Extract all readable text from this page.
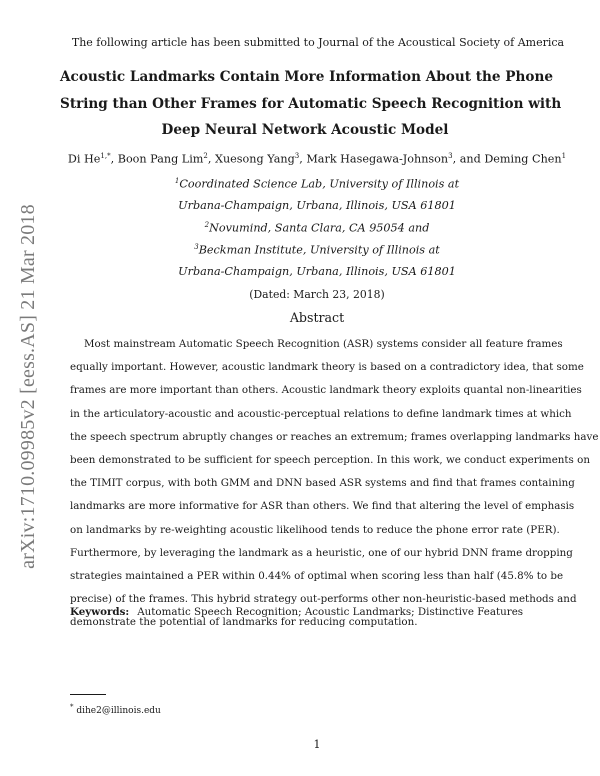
arXiv:1710.09985v2 [eess.AS] 21 Mar 2018
The following article has been submitted to Journal of the Acoustical Society of America
Acoustic Landmarks Contain More Information About the Phone
String than Other Frames for Automatic Speech Recognition with
Deep Neural Network Acoustic Model
Di $He^{1,*}$, Boon Pang Lim$^2$, Xuesong Yang$^3$, Mark Hasegawa-Johnson$^3$, and Deming Chen$^1$
$^1$Coordinated Science Lab, University of Illinois at
Urbana-Champaign, Urbana, Illinois, USA 61801
$^2$Novumind, Santa Clara, CA 95054 and
$^3$Beckman Institute, University of Illinois at
Urbana-Champaign, Urbana, Illinois, USA 61801
(Dated: March 23, 2018)
Abstract
Most mainstream Automatic Speech Recognition (ASR) systems consider all feature frames
equally important. However, acoustic landmark theory is based on a contradictory idea, that some
frames are more important than others. Acoustic landmark theory exploits quantal non-linearities
in the articulatory-acoustic and acoustic-perceptual relations to define landmark times at which
the speech spectrum abruptly changes or reaches an extremum; frames overlapping landmarks have
been demonstrated to be sufficient for speech perception. In this work, we conduct experiments on
the TIMIT corpus, with both GMM and DNN based ASR systems and find that frames containing
landmarks are more informative for ASR than others. We find that altering the level of emphasis
on landmarks by re-weighting acoustic likelihood tends to reduce the phone error rate (PER).
Furthermore, by leveraging the landmark as a heuristic, one of our hybrid DNN frame dropping
strategies maintained a PER within 0.44% of optimal when scoring less than half (45.8% to be
precise) of the frames. This hybrid strategy out-performs other non-heuristic-based methods and
demonstrate the potential of landmarks for reducing computation.
Keywords: Automatic Speech Recognition; Acoustic Landmarks; Distinctive Features
* dihe2@illinois.edu
1
